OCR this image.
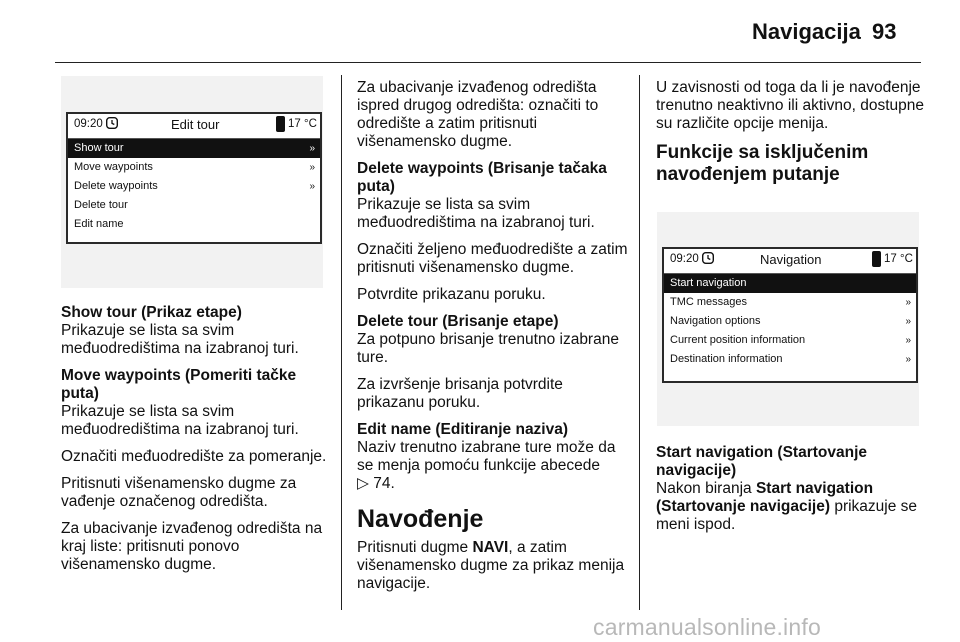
Navigacija 93
09:20	Edit tour	17 °C
Show tour	»
Move waypoints	»
Delete waypoints	»
Delete tour
Edit name
Show tour (Prikaz etape)

Prikazuje se lista sa svim međuodredištima na izabranoj turi.

Move waypoints (Pomeriti tačke puta)

Prikazuje se lista sa svim međuodredištima na izabranoj turi.

Označiti međuodredište za pomeranje.

Pritisnuti višenamensko dugme za vađenje označenog odredišta.

Za ubacivanje izvađenog odredišta na kraj liste: pritisnuti ponovo višenamensko dugme.

Za ubacivanje izvađenog odredišta ispred drugog odredišta: označiti to odredište a zatim pritisnuti višenamensko dugme.

Delete waypoints (Brisanje tačaka puta)

Prikazuje se lista sa svim međuodredištima na izabranoj turi.

Označiti željeno međuodredište a zatim pritisnuti višenamensko dugme.

Potvrdite prikazanu poruku.

Delete tour (Brisanje etape)

Za potpuno brisanje trenutno izabrane ture.

Za izvršenje brisanja potvrdite prikazanu poruku.

Edit name (Editiranje naziva)

Naziv trenutno izabrane ture može da se menja pomoću funkcije abecede

▷ 74.

Navođenje

Pritisnuti dugme NAVI, a zatim višenamensko dugme za prikaz menija navigacije.

U zavisnosti od toga da li je navođenje trenutno neaktivno ili aktivno, dostupne su različite opcije menija.

Funkcije sa isključenim navođenjem putanje
09:20	Navigation	17 °C
Start navigation
TMC messages	»
Navigation options	»
Current position information	»
Destination information	»
Start navigation (Startovanje navigacije)

Nakon biranja Start navigation (Startovanje navigacije) prikazuje se meni ispod.

carmanualsonline.info
